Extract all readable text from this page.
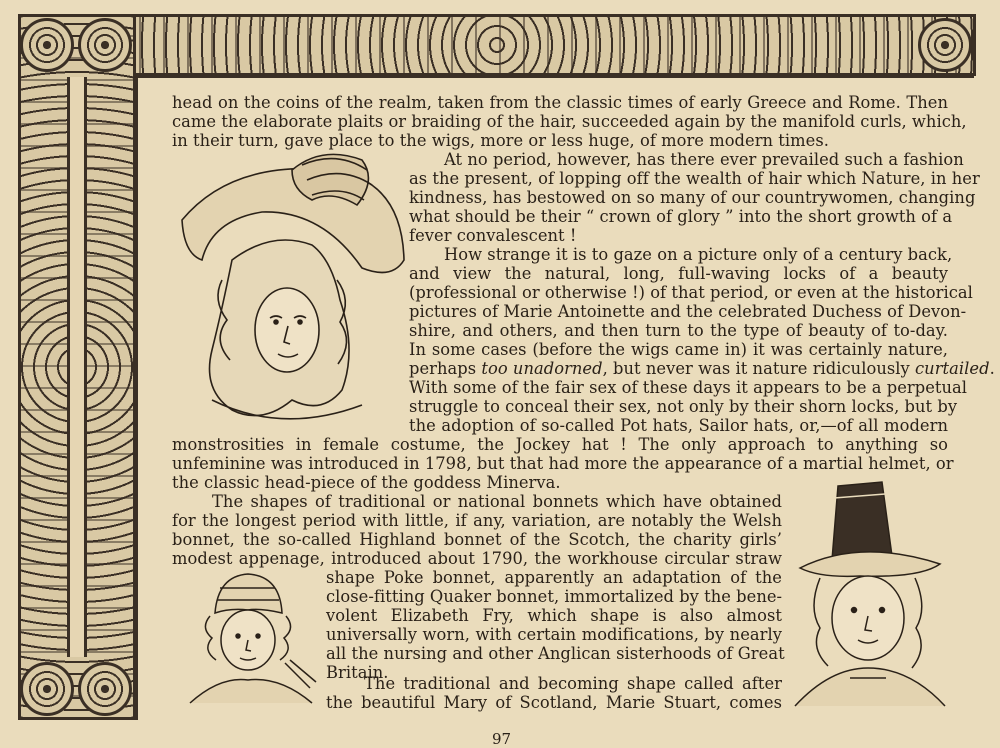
head on the coins of the realm, taken from the classic times of early Greece and Rome. Then
came the elaborate plaits or braiding of the hair, succeeded again by the manifold curls, which,
in their turn, gave place to the wigs, more or less huge, of more modern times.
At no period, however, has there ever prevailed such a fashion
as the present, of lopping off the wealth of hair which Nature, in her
kindness, has bestowed on so many of our countrywomen, changing
what should be their “ crown of glory ” into the short growth of a
fever convalescent !
How strange it is to gaze on a picture only of a century back,
and view the natural, long, full-waving locks of a beauty
(professional or otherwise !) of that period, or even at the historical
pictures of Marie Antoinette and the celebrated Duchess of Devon-
shire, and others, and then turn to the type of beauty of to-day.
In some cases (before the wigs came in) it was certainly nature,
perhaps too unadorned, but never was it nature ridiculously curtailed.
With some of the fair sex of these days it appears to be a perpetual
struggle to conceal their sex, not only by their shorn locks, but by
the adoption of so-called Pot hats, Sailor hats, or,—of all modern
monstrosities in female costume, the Jockey hat ! The only approach to anything so
unfeminine was introduced in 1798, but that had more the appearance of a martial helmet, or
the classic head-piece of the goddess Minerva.
The shapes of traditional or national bonnets which have obtained
for the longest period with little, if any, variation, are notably the Welsh
bonnet, the so-called Highland bonnet of the Scotch, the charity girls’
modest appenage, introduced about 1790, the workhouse circular straw
shape Poke bonnet, apparently an adaptation of the
close-fitting Quaker bonnet, immortalized by the bene-
volent Elizabeth Fry, which shape is also almost
universally worn, with certain modifications, by nearly
all the nursing and other Anglican sisterhoods of Great
Britain.
The traditional and becoming shape called after
the beautiful Mary of Scotland, Marie Stuart, comes
97
